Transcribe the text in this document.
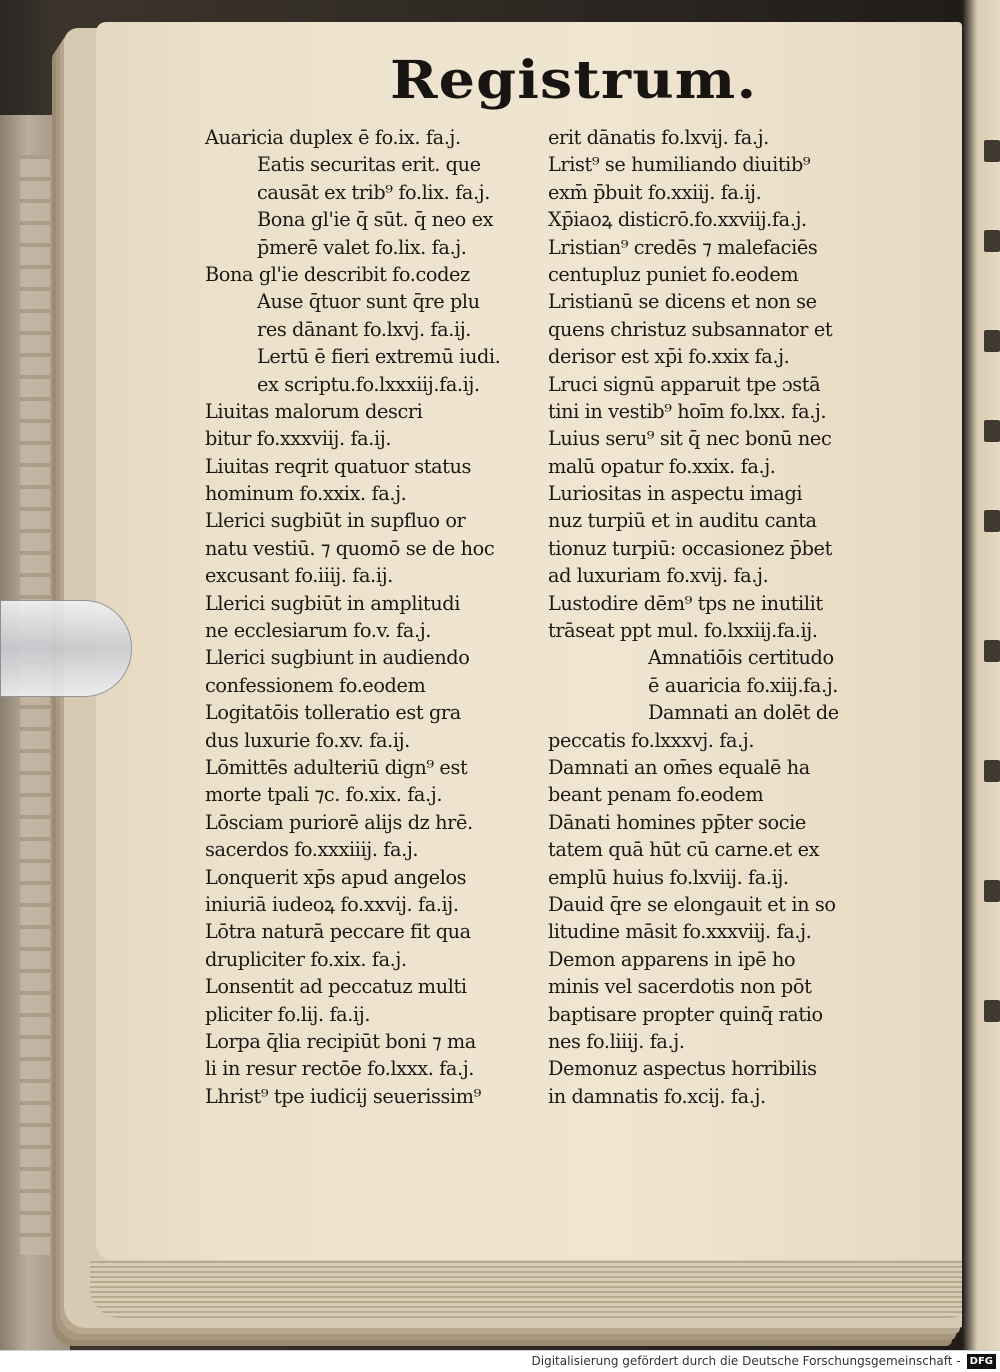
Registrum.
Auaricia duplex ē fo.ix. fa.j.
Eatis securitas erit. que
causāt ex trib⁹ fo.lix. fa.j.
Bona gl'ie q̄ sūt. q̄ neo ex
p̄merē valet fo.lix. fa.j.
Bona gl'ie describit fo.codez
Ause q̄tuor sunt q̄re plu
res dānant fo.lxvj. fa.ij.
Lertū ē fieri extremū iudi.
ex scriptu.fo.lxxxiij.fa.ij.
Liuitas malorum descri
bitur fo.xxxviij. fa.ij.
Liuitas reqrit quatuor status
hominum fo.xxix. fa.j.
Llerici sugbiūt in supfluo or
natu vestiū. ⁊ quomō se de hoc
excusant fo.iiij. fa.ij.
Llerici sugbiūt in amplitudi
ne ecclesiarum fo.v. fa.j.
Llerici sugbiunt in audiendo
confessionem fo.eodem
Logitatōis tolleratio est gra
dus luxurie fo.xv. fa.ij.
Lōmittēs adulteriū dign⁹ est
morte tpali ⁊c. fo.xix. fa.j.
Lōsciam puriorē alijs dz hrē.
sacerdos fo.xxxiiij. fa.j.
Lonquerit xp̄s apud angelos
iniuriā iudeoꝝ fo.xxvij. fa.ij.
Lōtra naturā peccare fit qua
drupliciter fo.xix. fa.j.
Lonsentit ad peccatuz multi
pliciter fo.lij. fa.ij.
Lorpa q̄lia recipiūt boni ⁊ ma
li in resur rectōe fo.lxxx. fa.j.
Lhrist⁹ tpe iudicij seuerissim⁹
erit dānatis fo.lxvij. fa.j.
Lrist⁹ se humiliando diuitib⁹
exm̄ p̄buit fo.xxiij. fa.ij.
Xp̄iaoꝝ disticrō.fo.xxviij.fa.j.
Lristian⁹ credēs ⁊ malefaciēs
centupluz puniet fo.eodem
Lristianū se dicens et non se
quens christuz subsannator et
derisor est xp̄i fo.xxix fa.j.
Lruci signū apparuit tpe ɔstā
tini in vestib⁹ hoīm fo.lxx. fa.j.
Luius seru⁹ sit q̄ nec bonū nec
malū opatur fo.xxix. fa.j.
Luriositas in aspectu imagi
nuz turpiū et in auditu canta
tionuz turpiū: occasionez p̄bet
ad luxuriam fo.xvij. fa.j.
Lustodire dēm⁹ tps ne inutilit
trāseat ppt mul. fo.lxxiij.fa.ij.
Amnatiōis certitudo
ē auaricia fo.xiij.fa.j.
Damnati an dolēt de
peccatis fo.lxxxvj. fa.j.
Damnati an om̄es equalē ha
beant penam fo.eodem
Dānati homines pp̄ter socie
tatem quā hūt cū carne.et ex
emplū huius fo.lxviij. fa.ij.
Dauid q̄re se elongauit et in so
litudine māsit fo.xxxviij. fa.j.
Demon apparens in ipē ho
minis vel sacerdotis non pōt
baptisare propter quinq̄ ratio
nes fo.liiij. fa.j.
Demonuz aspectus horribilis
in damnatis fo.xcij. fa.j.
Digitalisierung gefördert durch die Deutsche Forschungsgemeinschaft - DFG
